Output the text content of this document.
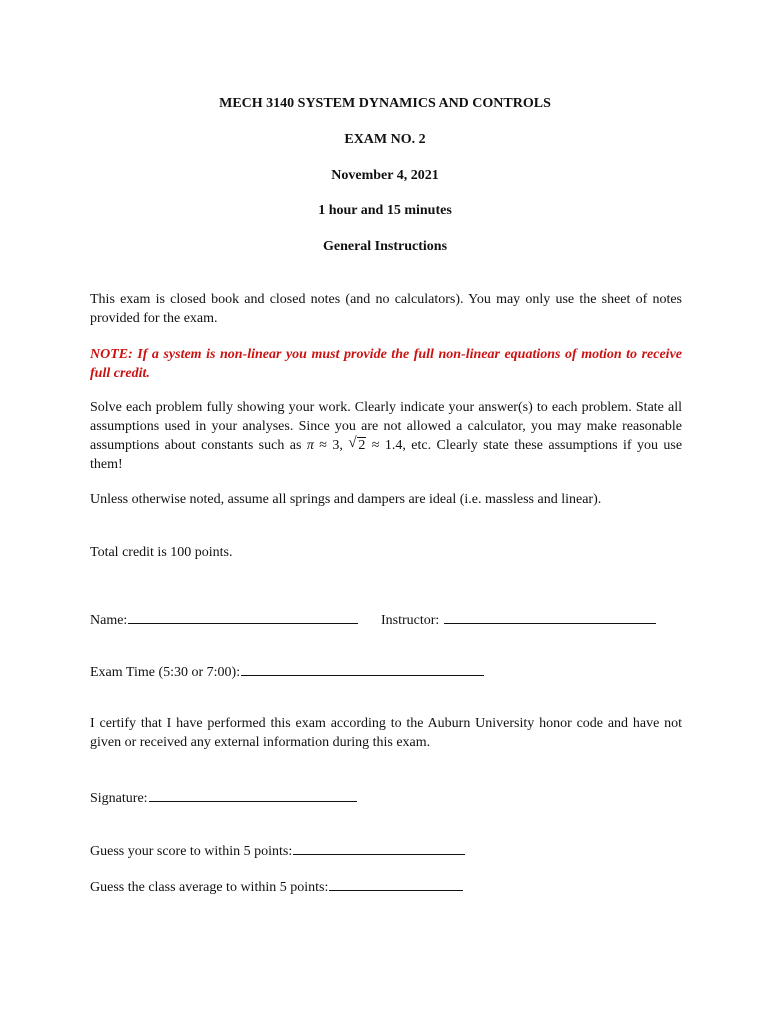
MECH 3140 SYSTEM DYNAMICS AND CONTROLS

EXAM NO. 2

November 4, 2021

1 hour and 15 minutes

General Instructions

This exam is closed book and closed notes (and no calculators). You may only use the sheet of notes provided for the exam.

NOTE: If a system is non-linear you must provide the full non-linear equations of motion to receive full credit.

Solve each problem fully showing your work. Clearly indicate your answer(s) to each problem. State all assumptions used in your analyses. Since you are not allowed a calculator, you may make reasonable assumptions about constants such as π ≈ 3, √ 2 ≈ 1.4, etc. Clearly state these assumptions if you use them!

Unless otherwise noted, assume all springs and dampers are ideal (i.e. massless and linear).

Total credit is 100 points.

Name:	Instructor:
Exam Time (5:30 or 7:00):

I certify that I have performed this exam according to the Auburn University honor code and have not given or received any external information during this exam.

Signature:
Guess your score to within 5 points:
Guess the class average to within 5 points:
